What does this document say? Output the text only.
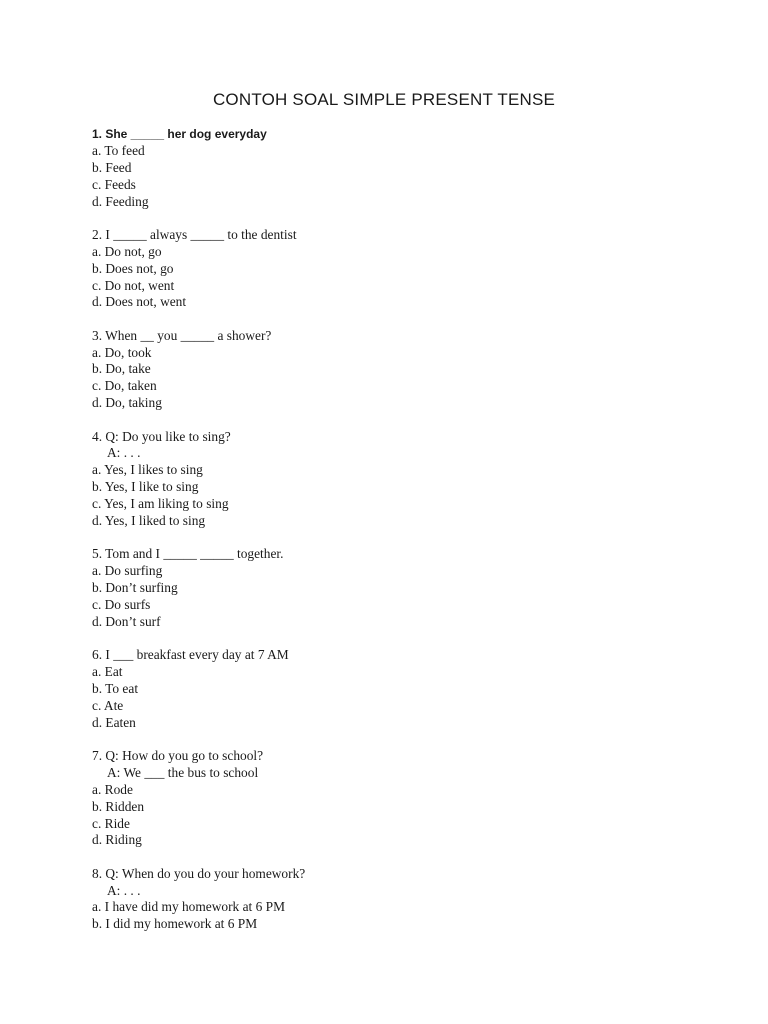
CONTOH SOAL SIMPLE PRESENT TENSE
1. She _____ her dog everyday
a. To feed
b. Feed
c. Feeds
d. Feeding
2. I _____ always _____ to the dentist
a. Do not, go
b. Does not, go
c. Do not, went
d. Does not, went
3. When __ you _____ a shower?
a. Do, took
b. Do, take
c. Do, taken
d. Do, taking
4. Q: Do you like to sing?
A: . . .
a. Yes, I likes to sing
b. Yes, I like to sing
c. Yes, I am liking to sing
d. Yes, I liked to sing
5. Tom and I _____ _____ together.
a. Do surfing
b. Don’t surfing
c. Do surfs
d. Don’t surf
6. I ___ breakfast every day at 7 AM
a. Eat
b. To eat
c. Ate
d. Eaten
7. Q: How do you go to school?
A: We ___ the bus to school
a. Rode
b. Ridden
c. Ride
d. Riding
8. Q: When do you do your homework?
A: . . .
a. I have did my homework at 6 PM
b. I did my homework at 6 PM
